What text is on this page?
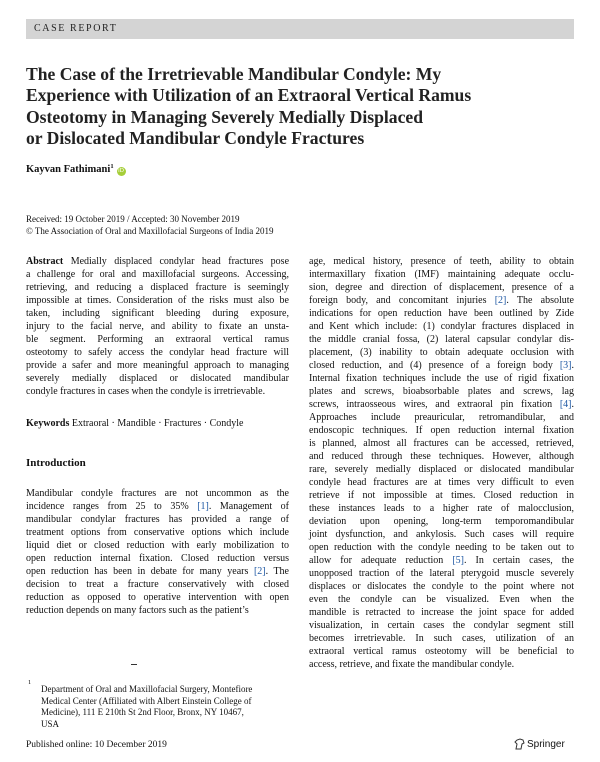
CASE REPORT
The Case of the Irretrievable Mandibular Condyle: My
Experience with Utilization of an Extraoral Vertical Ramus
Osteotomy in Managing Severely Medially Displaced
or Dislocated Mandibular Condyle Fractures
Kayvan Fathimani$^1$iD
Received: 19 October 2019 / Accepted: 30 November 2019
© The Association of Oral and Maxillofacial Surgeons of India 2019
Abstract Medially displaced condylar head fractures pose
a challenge for oral and maxillofacial surgeons. Accessing,
retrieving, and reducing a displaced fracture is seemingly
impossible at times. Consideration of the risks must also be
taken, including significant bleeding during exposure,
injury to the facial nerve, and ability to fixate an unsta-
ble segment. Performing an extraoral vertical ramus
osteotomy to safely access the condylar head fracture will
provide a safer and more meaningful approach to managing
severely medially displaced or dislocated mandibular
condyle fractures in cases when the condyle is irretrievable.
Keywords Extraoral · Mandible · Fractures · Condyle
Introduction
Mandibular condyle fractures are not uncommon as the
incidence ranges from 25 to 35% [1]. Management of
mandibular condylar fractures has provided a range of
treatment options from conservative options which include
liquid diet or closed reduction with early mobilization to
open reduction internal fixation. Closed reduction versus
open reduction has been in debate for many years [2]. The
decision to treat a fracture conservatively with closed
reduction as opposed to operative intervention with open
reduction depends on many factors such as the patient’s
age, medical history, presence of teeth, ability to obtain
intermaxillary fixation (IMF) maintaining adequate occlu-
sion, degree and direction of displacement, presence of a
foreign body, and concomitant injuries [2]. The absolute
indications for open reduction have been outlined by Zide
and Kent which include: (1) condylar fractures displaced in
the middle cranial fossa, (2) lateral capsular condylar dis-
placement, (3) inability to obtain adequate occlusion with
closed reduction, and (4) presence of a foreign body [3].
Internal fixation techniques include the use of rigid fixation
plates and screws, bioabsorbable plates and screws, lag
screws, intraosseous wires, and extraoral pin fixation [4].
Approaches include preauricular, retromandibular, and
endoscopic techniques. If open reduction internal fixation
is planned, almost all fractures can be accessed, retrieved,
and reduced through these techniques. However, although
rare, severely medially displaced or dislocated mandibular
condyle head fractures are at times very difficult to even
retrieve if not impossible at times. Closed reduction in
these instances leads to a higher rate of malocclusion,
deviation upon opening, long-term temporomandibular
joint dysfunction, and ankylosis. Such cases will require
open reduction with the condyle needing to be taken out to
allow for adequate reduction [5]. In certain cases, the
unopposed traction of the lateral pterygoid muscle severely
displaces or dislocates the condyle to the point where not
even the condyle can be visualized. Even when the
mandible is retracted to increase the joint space for added
visualization, in certain cases the condylar segment still
becomes irretrievable. In such cases, utilization of an
extraoral vertical ramus osteotomy will be beneficial to
access, retrieve, and fixate the mandibular condyle.
1
Department of Oral and Maxillofacial Surgery, Montefiore
Medical Center (Affiliated with Albert Einstein College of
Medicine), 111 E 210th St 2nd Floor, Bronx, NY 10467,
USA
Published online: 10 December 2019	Springer
